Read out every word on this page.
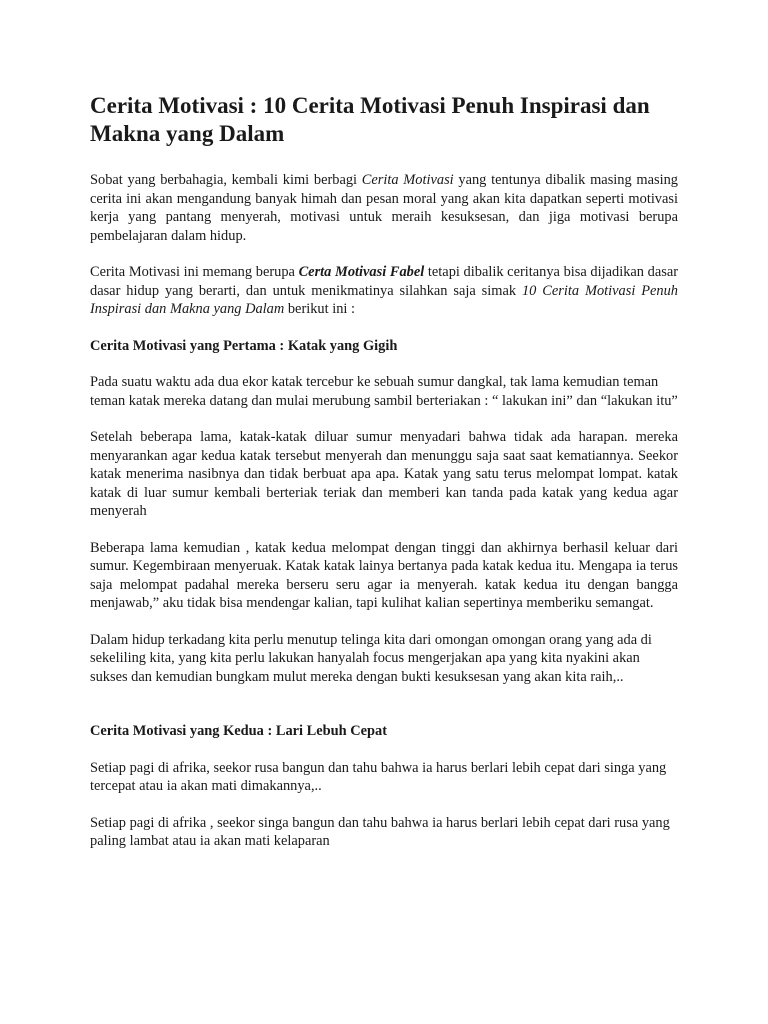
Cerita Motivasi : 10 Cerita Motivasi Penuh Inspirasi dan Makna yang Dalam

Sobat yang berbahagia, kembali kimi berbagi Cerita Motivasi yang tentunya dibalik masing masing cerita ini akan mengandung banyak himah dan pesan moral yang akan kita dapatkan seperti motivasi kerja yang pantang menyerah, motivasi untuk meraih kesuksesan, dan jiga motivasi berupa pembelajaran dalam hidup.

Cerita Motivasi ini memang berupa Certa Motivasi Fabel tetapi dibalik ceritanya bisa dijadikan dasar dasar hidup yang berarti, dan untuk menikmatinya silahkan saja simak 10 Cerita Motivasi Penuh Inspirasi dan Makna yang Dalam berikut ini :

Cerita Motivasi yang Pertama : Katak yang Gigih

Pada suatu waktu ada dua ekor katak tercebur ke sebuah sumur dangkal, tak lama kemudian teman teman katak mereka datang dan mulai merubung sambil berteriakan : “ lakukan ini” dan “lakukan itu”

Setelah beberapa lama, katak-katak diluar sumur menyadari bahwa tidak ada harapan. mereka menyarankan agar kedua katak tersebut menyerah dan menunggu saja saat saat kematiannya. Seekor katak menerima nasibnya dan tidak berbuat apa apa. Katak yang satu terus melompat lompat. katak katak di luar sumur kembali berteriak teriak dan memberi kan tanda pada katak yang kedua agar menyerah

Beberapa lama kemudian , katak kedua melompat dengan tinggi dan akhirnya berhasil keluar dari sumur. Kegembiraan menyeruak. Katak katak lainya bertanya pada katak kedua itu. Mengapa ia terus saja melompat padahal mereka berseru seru agar ia menyerah. katak kedua itu dengan bangga menjawab,” aku tidak bisa mendengar kalian, tapi kulihat kalian sepertinya memberiku semangat.

Dalam hidup terkadang kita perlu menutup telinga kita dari omongan omongan orang yang ada di sekeliling kita, yang kita perlu lakukan hanyalah focus mengerjakan apa yang kita nyakini akan sukses dan kemudian bungkam mulut mereka dengan bukti kesuksesan yang akan kita raih,..

Cerita Motivasi yang Kedua : Lari Lebuh Cepat

Setiap pagi di afrika, seekor rusa bangun dan tahu bahwa ia harus berlari lebih cepat dari singa yang tercepat atau ia akan mati dimakannya,..

Setiap pagi di afrika , seekor singa bangun dan tahu bahwa ia harus berlari lebih cepat dari rusa yang paling lambat atau ia akan mati kelaparan
